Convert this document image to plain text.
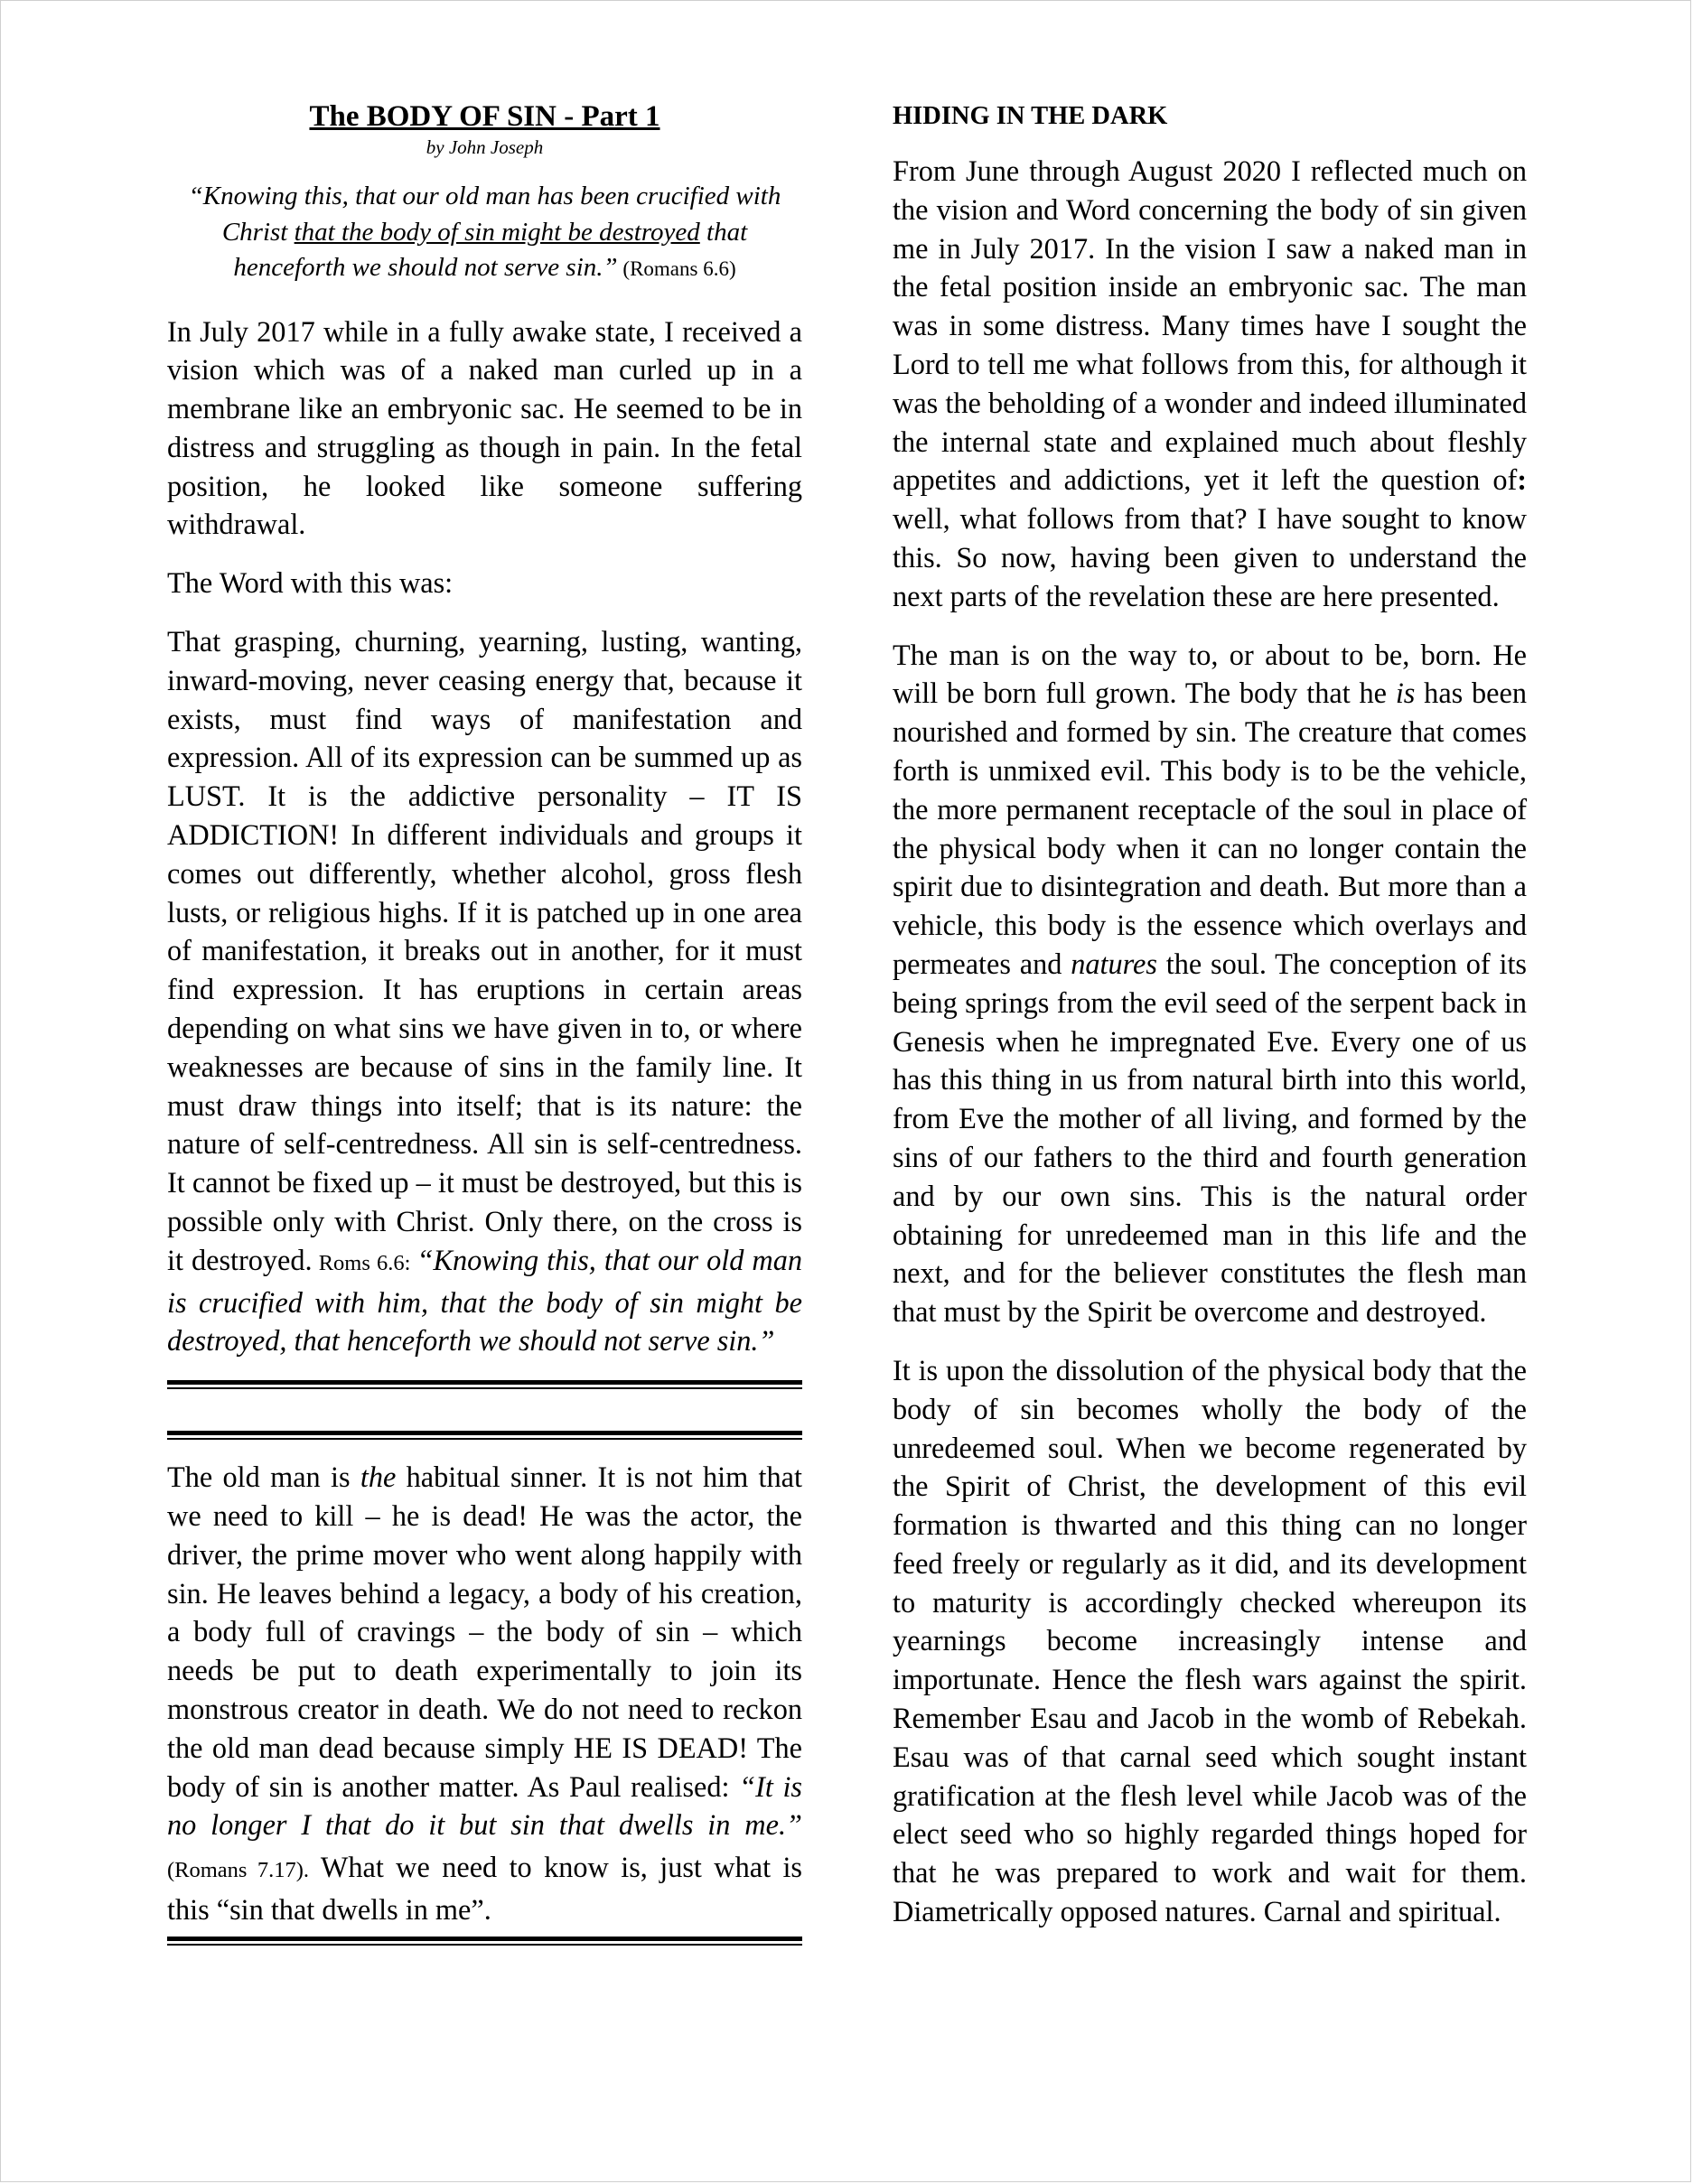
The BODY OF SIN - Part 1

by John Joseph

“Knowing this, that our old man has been crucified with Christ that the body of sin might be destroyed that henceforth we should not serve sin.” (Romans 6.6)

In July 2017 while in a fully awake state, I received a vision which was of a naked man curled up in a membrane like an embryonic sac. He seemed to be in distress and struggling as though in pain. In the fetal position, he looked like someone suffering withdrawal.

The Word with this was:

That grasping, churning, yearning, lusting, wanting, inward-moving, never ceasing energy that, because it exists, must find ways of manifestation and expression. All of its expression can be summed up as LUST. It is the addictive personality – IT IS ADDICTION! In different individuals and groups it comes out differently, whether alcohol, gross flesh lusts, or religious highs. If it is patched up in one area of manifestation, it breaks out in another, for it must find expression. It has eruptions in certain areas depending on what sins we have given in to, or where weaknesses are because of sins in the family line. It must draw things into itself; that is its nature: the nature of self-centredness. All sin is self-centredness. It cannot be fixed up – it must be destroyed, but this is possible only with Christ. Only there, on the cross is it destroyed. Roms 6.6: “Knowing this, that our old man is crucified with him, that the body of sin might be destroyed, that henceforth we should not serve sin.”

The old man is the habitual sinner. It is not him that we need to kill – he is dead! He was the actor, the driver, the prime mover who went along happily with sin. He leaves behind a legacy, a body of his creation, a body full of cravings – the body of sin – which needs be put to death experimentally to join its monstrous creator in death. We do not need to reckon the old man dead because simply HE IS DEAD! The body of sin is another matter. As Paul realised: “It is no longer I that do it but sin that dwells in me.” (Romans 7.17). What we need to know is, just what is this “sin that dwells in me”.

HIDING IN THE DARK

From June through August 2020 I reflected much on the vision and Word concerning the body of sin given me in July 2017. In the vision I saw a naked man in the fetal position inside an embryonic sac. The man was in some distress. Many times have I sought the Lord to tell me what follows from this, for although it was the beholding of a wonder and indeed illuminated the internal state and explained much about fleshly appetites and addictions, yet it left the question of: well, what follows from that? I have sought to know this. So now, having been given to understand the next parts of the revelation these are here presented.

The man is on the way to, or about to be, born. He will be born full grown. The body that he is has been nourished and formed by sin. The creature that comes forth is unmixed evil. This body is to be the vehicle, the more permanent receptacle of the soul in place of the physical body when it can no longer contain the spirit due to disintegration and death. But more than a vehicle, this body is the essence which overlays and permeates and natures the soul. The conception of its being springs from the evil seed of the serpent back in Genesis when he impregnated Eve. Every one of us has this thing in us from natural birth into this world, from Eve the mother of all living, and formed by the sins of our fathers to the third and fourth generation and by our own sins. This is the natural order obtaining for unredeemed man in this life and the next, and for the believer constitutes the flesh man that must by the Spirit be overcome and destroyed.

It is upon the dissolution of the physical body that the body of sin becomes wholly the body of the unredeemed soul. When we become regenerated by the Spirit of Christ, the development of this evil formation is thwarted and this thing can no longer feed freely or regularly as it did, and its development to maturity is accordingly checked whereupon its yearnings become increasingly intense and importunate. Hence the flesh wars against the spirit. Remember Esau and Jacob in the womb of Rebekah. Esau was of that carnal seed which sought instant gratification at the flesh level while Jacob was of the elect seed who so highly regarded things hoped for that he was prepared to work and wait for them. Diametrically opposed natures. Carnal and spiritual.
